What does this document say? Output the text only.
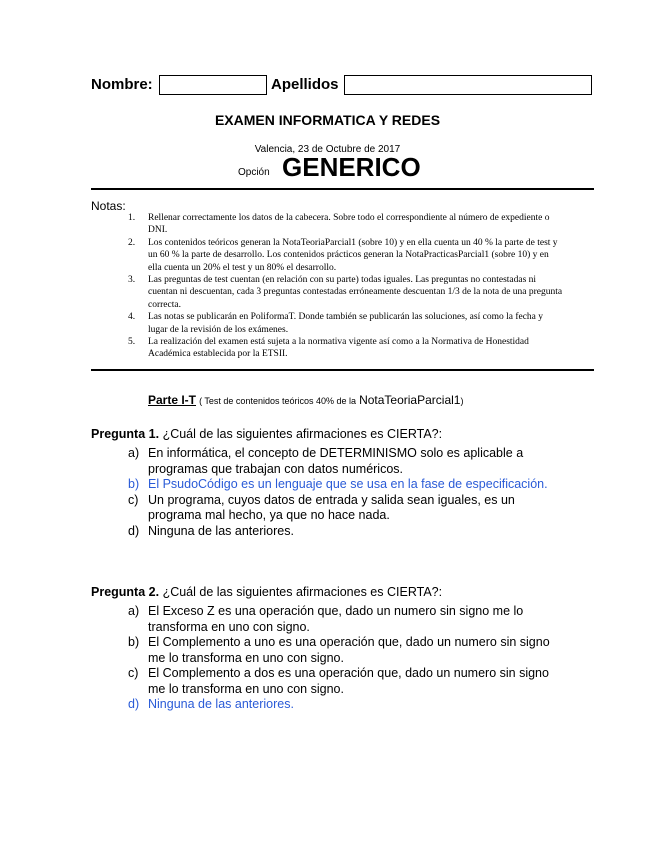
Nombre:	Apellidos
EXAMEN INFORMATICA Y REDES
Valencia, 23 de Octubre de 2017
Opción GENERICO
Notas:
1. Rellenar correctamente los datos de la cabecera. Sobre todo el correspondiente al número de expediente o DNI.
2. Los contenidos teóricos generan la NotaTeoriaParcial1 (sobre 10) y en ella cuenta un 40 % la parte de test y un 60 % la parte de desarrollo. Los contenidos prácticos generan la NotaPracticasParcial1 (sobre 10) y en ella cuenta un 20% el test y un 80% el desarrollo.
3. Las preguntas de test cuentan (en relación con su parte) todas iguales. Las preguntas no contestadas ni cuentan ni descuentan, cada 3 preguntas contestadas erróneamente descuentan 1/3 de la nota de una pregunta correcta.
4. Las notas se publicarán en PoliformaT. Donde también se publicarán las soluciones, así como la fecha y lugar de la revisión de los exámenes.
5. La realización del examen está sujeta a la normativa vigente así como a la Normativa de Honestidad Académica establecida por la ETSII.
Parte I-T ( Test de contenidos teóricos 40% de la NotaTeoriaParcial1)
Pregunta 1. ¿Cuál de las siguientes afirmaciones es CIERTA?:
a) En informática, el concepto de DETERMINISMO solo es aplicable a programas que trabajan con datos numéricos.
b) El PsudoCódigo es un lenguaje que se usa en la fase de especificación.
c) Un programa, cuyos datos de entrada y salida sean iguales, es un programa mal hecho, ya que no hace nada.
d) Ninguna de las anteriores.
Pregunta 2. ¿Cuál de las siguientes afirmaciones es CIERTA?:
a) El Exceso Z es una operación que, dado un numero sin signo me lo transforma en uno con signo.
b) El Complemento a uno es una operación que, dado un numero sin signo me lo transforma en uno con signo.
c) El Complemento a dos es una operación que, dado un numero sin signo me lo transforma en uno con signo.
d) Ninguna de las anteriores.
